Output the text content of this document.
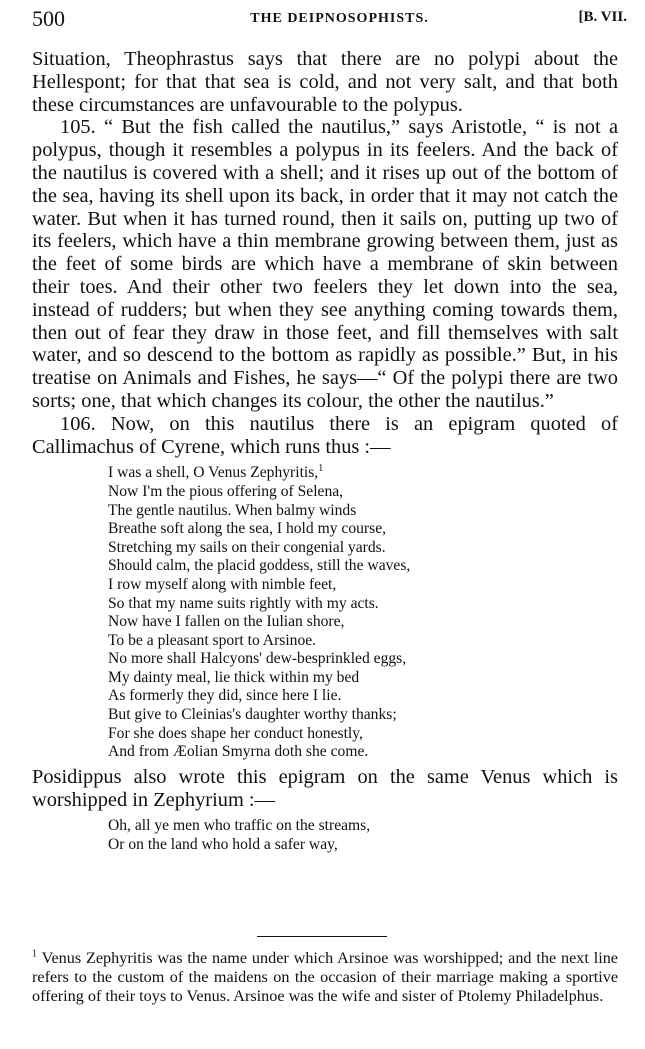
500	THE DEIPNOSOPHISTS.	[B. VII.

Situation, Theophrastus says that there are no polypi about the Hellespont; for that that sea is cold, and not very salt, and that both these circumstances are unfavourable to the polypus.

105. “ But the fish called the nautilus,” says Aristotle, “ is not a polypus, though it resembles a polypus in its feelers. And the back of the nautilus is covered with a shell; and it rises up out of the bottom of the sea, having its shell upon its back, in order that it may not catch the water. But when it has turned round, then it sails on, putting up two of its feelers, which have a thin membrane growing between them, just as the feet of some birds are which have a membrane of skin between their toes. And their other two feelers they let down into the sea, instead of rudders; but when they see anything coming towards them, then out of fear they draw in those feet, and fill themselves with salt water, and so descend to the bottom as rapidly as possible.” But, in his treatise on Animals and Fishes, he says—“ Of the polypi there are two sorts; one, that which changes its colour, the other the nautilus.”

106. Now, on this nautilus there is an epigram quoted of Callimachus of Cyrene, which runs thus :—

I was a shell, O Venus Zephyritis,$^1$
Now I'm the pious offering of Selena,
The gentle nautilus. When balmy winds
Breathe soft along the sea, I hold my course,
Stretching my sails on their congenial yards.
Should calm, the placid goddess, still the waves,
I row myself along with nimble feet,
So that my name suits rightly with my acts.
Now have I fallen on the Iulian shore,
To be a pleasant sport to Arsinoe.
No more shall Halcyons' dew-besprinkled eggs,
My dainty meal, lie thick within my bed
As formerly they did, since here I lie.
But give to Cleinias's daughter worthy thanks;
For she does shape her conduct honestly,
And from Æolian Smyrna doth she come.

Posidippus also wrote this epigram on the same Venus which is worshipped in Zephyrium :—

Oh, all ye men who traffic on the streams,
Or on the land who hold a safer way,

$^1$ Venus Zephyritis was the name under which Arsinoe was worshipped; and the next line refers to the custom of the maidens on the occasion of their marriage making a sportive offering of their toys to Venus. Arsinoe was the wife and sister of Ptolemy Philadelphus.
